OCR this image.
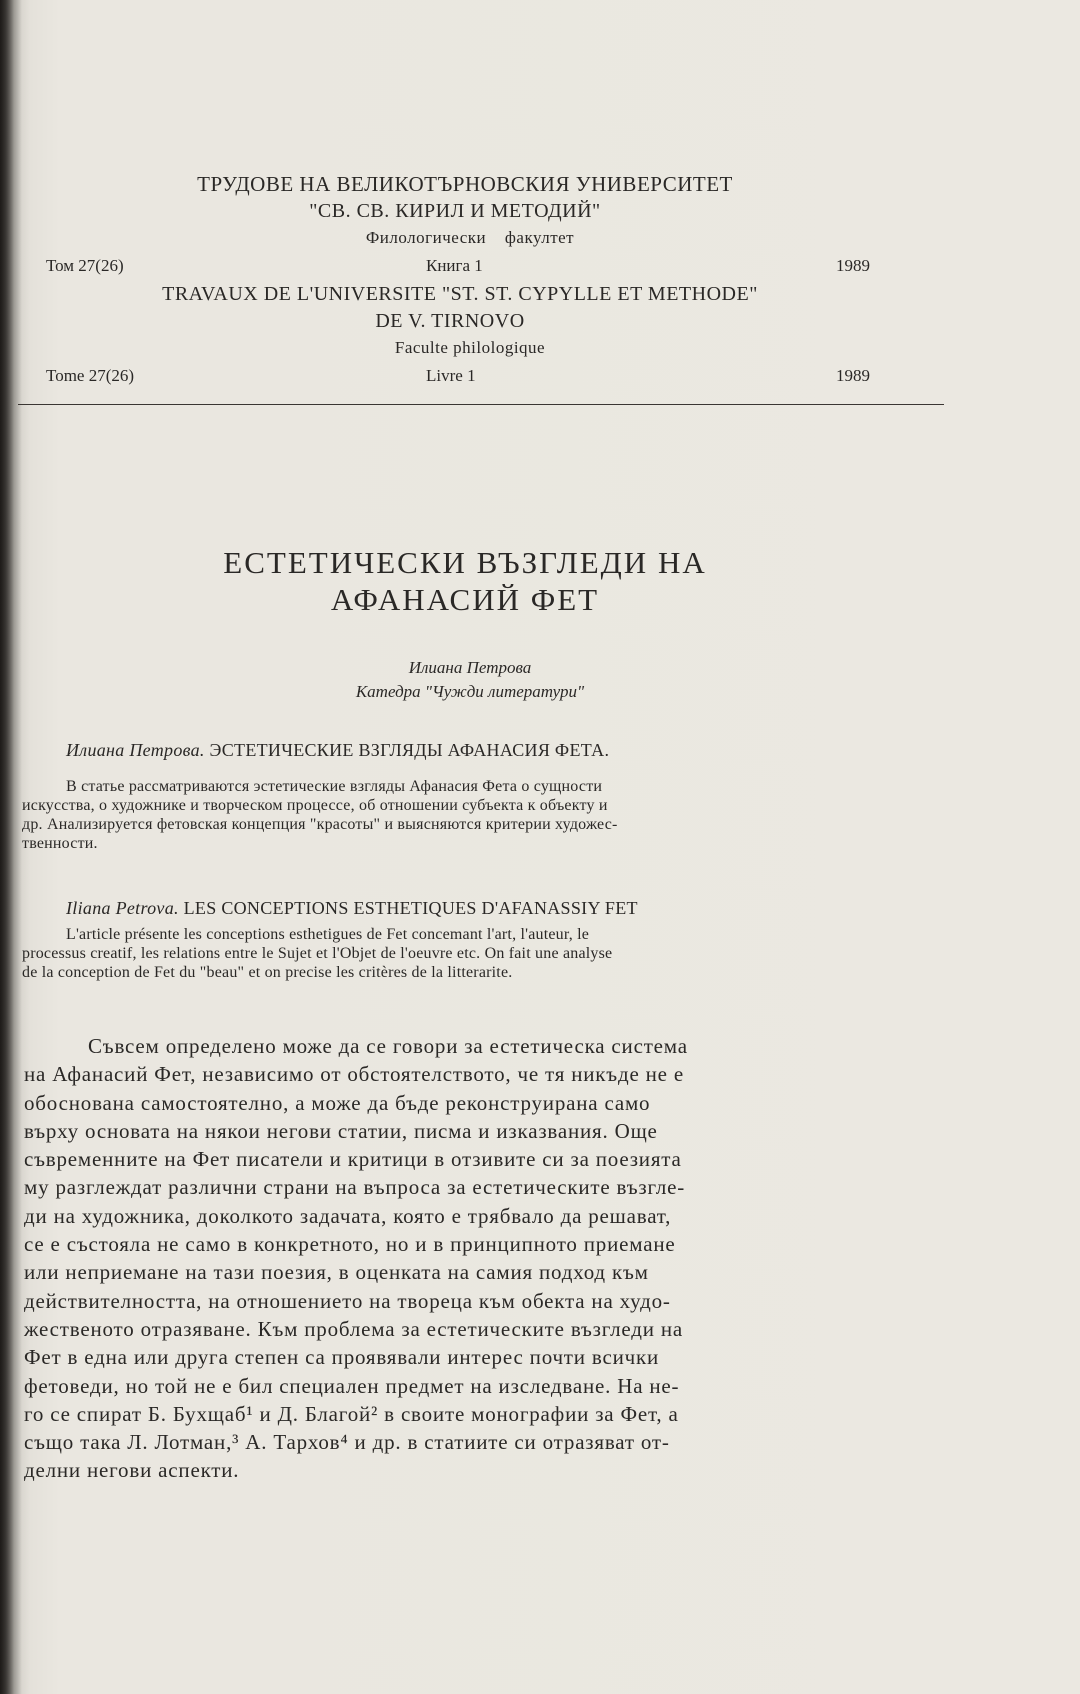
ТРУДОВЕ НА ВЕЛИКОТЪРНОВСКИЯ УНИВЕРСИТЕТ
"СВ. СВ. КИРИЛ И МЕТОДИЙ"
Филологически факултет
Том 27(26)	Книга 1	1989
TRAVAUX DE L'UNIVERSITE "ST. ST. CYPYLLE ET METHODE"
DE V. TIRNOVO
Faculte philologique
Tome 27(26)	Livre 1	1989
ЕСТЕТИЧЕСКИ ВЪЗГЛЕДИ НА
АФАНАСИЙ ФЕТ
Илиана Петрова
Катедра "Чужди литератури"
Илиана Петрова. ЭСТЕТИЧЕСКИЕ ВЗГЛЯДЫ АФАНАСИЯ ФЕТА.
В статье рассматриваются эстетические взгляды Афанасия Фета о сущности
искусства, о художнике и творческом процессе, об отношении субъекта к объекту и
др. Анализируется фетовская концепция "красоты" и выясняются критерии художес-
твенности.
Iliana Petrova. LES CONCEPTIONS ESTHETIQUES D'AFANASSIY FET
L'article présente les conceptions esthetigues de Fet concemant l'art, l'auteur, le
processus creatif, les relations entre le Sujet et l'Objet de l'oeuvre etc. On fait une analyse
de la conception de Fet du "beau" et on precise les critères de la litterarite.
Съвсем определено може да се говори за естетическа система
на Афанасий Фет, независимо от обстоятелството, че тя никъде не е
обоснована самостоятелно, а може да бъде реконструирана само
върху основата на някои негови статии, писма и изказвания. Още
съвременните на Фет писатели и критици в отзивите си за поезията
му разглеждат различни страни на въпроса за естетическите възгле-
ди на художника, доколкото задачата, която е трябвало да решават,
се е състояла не само в конкретното, но и в принципното приемане
или неприемане на тази поезия, в оценката на самия подход към
действителността, на отношението на твореца към обекта на худо-
жественото отразяване. Към проблема за естетическите възгледи на
Фет в една или друга степен са проявявали интерес почти всички
фетоведи, но той не е бил специален предмет на изследване. На не-
го се спират Б. Бухщаб¹ и Д. Благой² в своите монографии за Фет, а
също така Л. Лотман,³ А. Тархов⁴ и др. в статиите си отразяват от-
делни негови аспекти.
